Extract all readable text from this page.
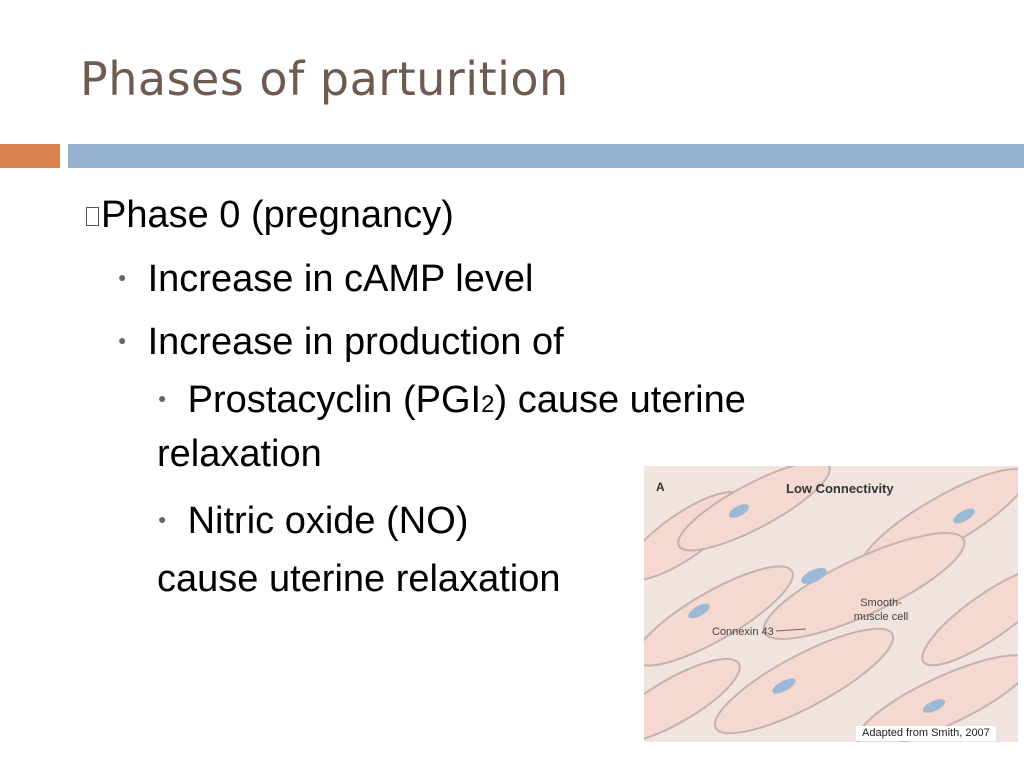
Phases of parturition
Phase 0 (pregnancy)
● Increase in cAMP level
● Increase in production of
● Prostacyclin (PGI2) cause uterine
relaxation
● Nitric oxide (NO)
cause uterine relaxation
A	Low Connectivity
Smooth-muscle cell
Connexin 43
Adapted from Smith, 2007
